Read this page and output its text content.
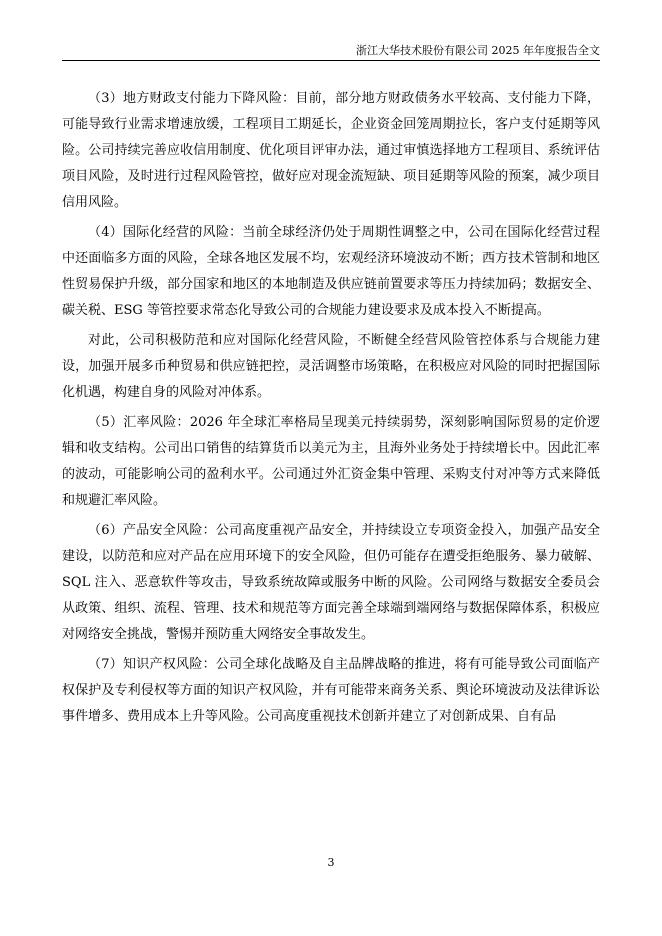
浙江大华技术股份有限公司 2025 年年度报告全文

（3）地方财政支付能力下降风险：目前，部分地方财政债务水平较高、支付能力下降，可能导致行业需求增速放缓，工程项目工期延长，企业资金回笼周期拉长，客户支付延期等风险。公司持续完善应收信用制度、优化项目评审办法，通过审慎选择地方工程项目、系统评估项目风险，及时进行过程风险管控，做好应对现金流短缺、项目延期等风险的预案，减少项目信用风险。

（4）国际化经营的风险：当前全球经济仍处于周期性调整之中，公司在国际化经营过程中还面临多方面的风险，全球各地区发展不均，宏观经济环境波动不断；西方技术管制和地区性贸易保护升级，部分国家和地区的本地制造及供应链前置要求等压力持续加码；数据安全、碳关税、ESG 等管控要求常态化导致公司的合规能力建设要求及成本投入不断提高。

对此，公司积极防范和应对国际化经营风险，不断健全经营风险管控体系与合规能力建设，加强开展多币种贸易和供应链把控，灵活调整市场策略，在积极应对风险的同时把握国际化机遇，构建自身的风险对冲体系。

（5）汇率风险：2026 年全球汇率格局呈现美元持续弱势，深刻影响国际贸易的定价逻辑和收支结构。公司出口销售的结算货币以美元为主，且海外业务处于持续增长中。因此汇率的波动，可能影响公司的盈利水平。公司通过外汇资金集中管理、采购支付对冲等方式来降低和规避汇率风险。

（6）产品安全风险：公司高度重视产品安全，并持续设立专项资金投入，加强产品安全建设，以防范和应对产品在应用环境下的安全风险，但仍可能存在遭受拒绝服务、暴力破解、SQL 注入、恶意软件等攻击，导致系统故障或服务中断的风险。公司网络与数据安全委员会从政策、组织、流程、管理、技术和规范等方面完善全球端到端网络与数据保障体系，积极应对网络安全挑战，警惕并预防重大网络安全事故发生。

（7）知识产权风险：公司全球化战略及自主品牌战略的推进，将有可能导致公司面临产权保护及专利侵权等方面的知识产权风险，并有可能带来商务关系、舆论环境波动及法律诉讼事件增多、费用成本上升等风险。公司高度重视技术创新并建立了对创新成果、自有品

3
